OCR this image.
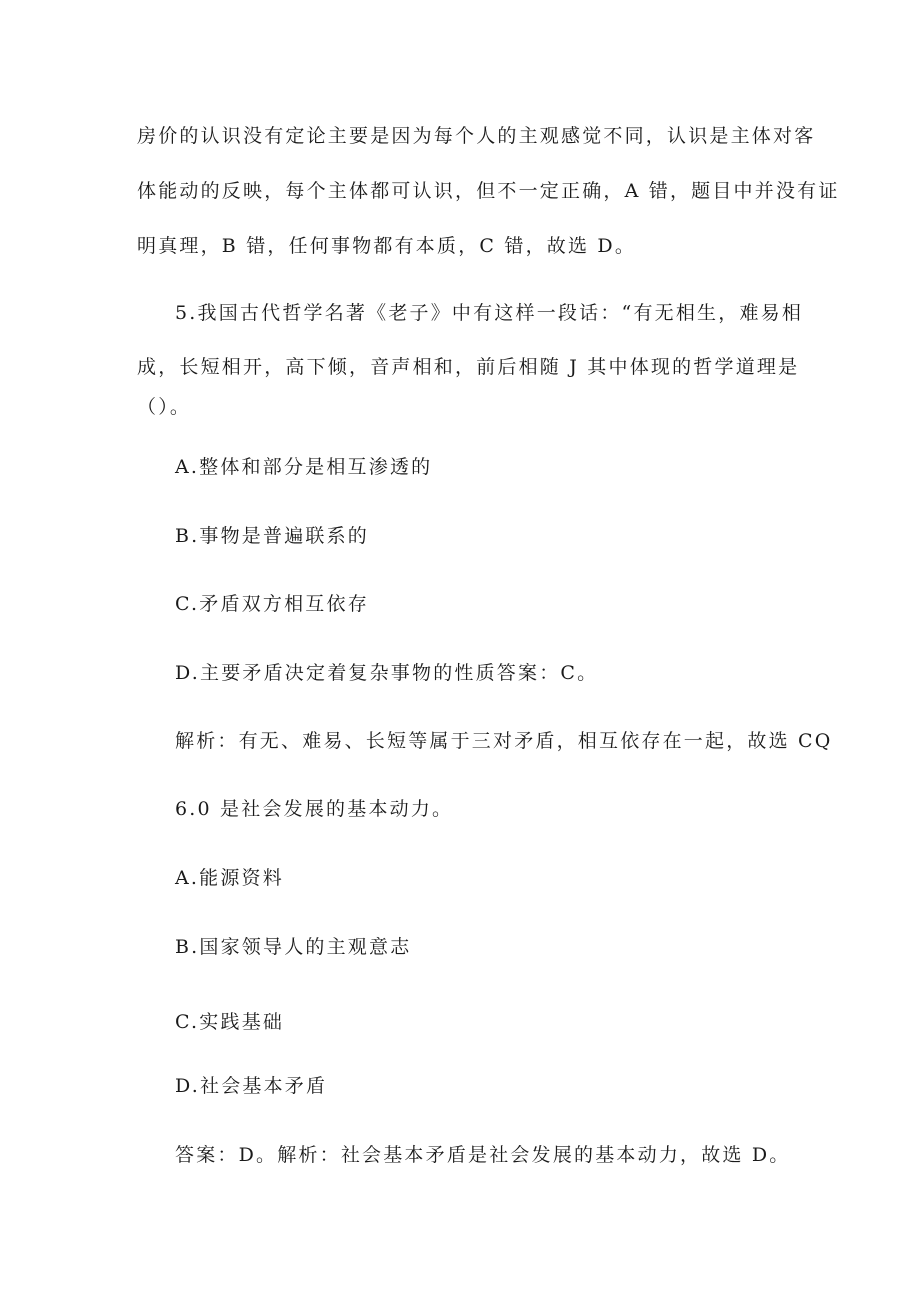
房价的认识没有定论主要是因为每个人的主观感觉不同，认识是主体对客
体能动的反映，每个主体都可认识，但不一定正确，A 错，题目中并没有证
明真理，B 错，任何事物都有本质，C 错，故选 D。
5.我国古代哲学名著《老子》中有这样一段话：“有无相生，难易相
成，长短相开，高下倾，音声相和，前后相随 J 其中体现的哲学道理是
（）。
A.整体和部分是相互渗透的
B.事物是普遍联系的
C.矛盾双方相互依存
D.主要矛盾决定着复杂事物的性质答案：C。
解析：有无、难易、长短等属于三对矛盾，相互依存在一起，故选 CQ
6.0 是社会发展的基本动力。
A.能源资料
B.国家领导人的主观意志
C.实践基础
D.社会基本矛盾
答案：D。解析：社会基本矛盾是社会发展的基本动力，故选 D。
